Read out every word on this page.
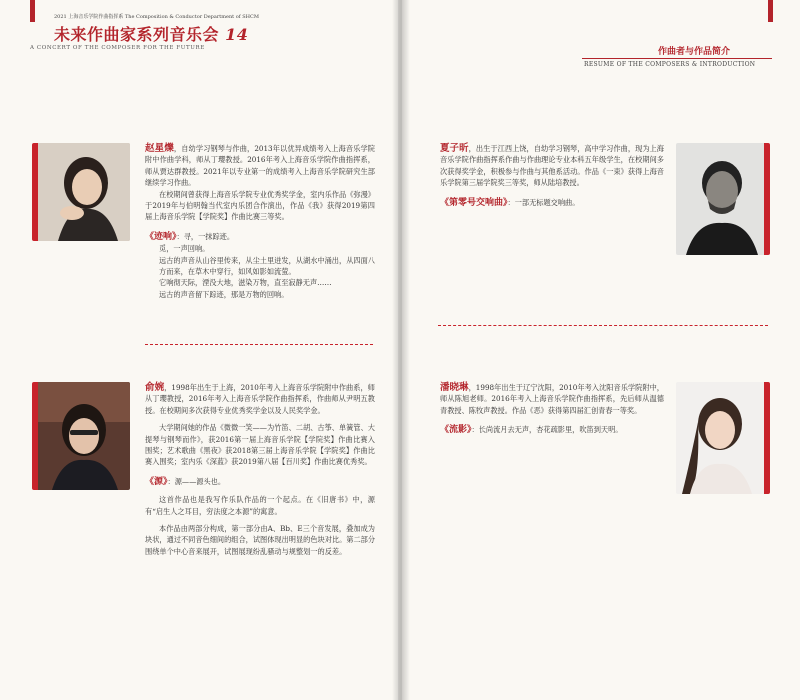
2021 上海音乐学院作曲指挥系 The Composition & Conductor Department of SHCM
未来作曲家系列音乐会 14
A CONCERT OF THE COMPOSER FOR THE FUTURE

赵星爍，自幼学习钢琴与作曲，2013年以优异成绩考入上海音乐学院附中作曲学科，师从丁瓔教授。2016年考入上海音乐学院作曲指挥系，师从贾达群教授。2021年以专业第一的成绩考入上海音乐学院研究生部继续学习作曲。

在校期间曾获得上海音乐学院专业优秀奖学金，室内乐作品《弥漫》于2019年与伯明翰当代室内乐团合作演出，作品《我》获得2019第四届上海音乐学院【学院奖】作曲比赛三等奖。

《迹响》：寻，一抹踪迹。

觅，一声回响。

远古的声音从山谷里传来，从尘土里迸发，从湖水中涌出，从四面八方而来，在草木中穿行，如风如影如流萤。

它响彻天际，湮没大地，滋染万物，直至寂静无声……

远古的声音留下踪迹，那是万物的回响。

俞婉，1998年出生于上海，2010年考入上海音乐学院附中作曲系，师从丁瓔教授，2016年考入上海音乐学院作曲指挥系，作曲师从尹明五教授。在校期间多次获得专业优秀奖学金以及人民奖学金。

大学期间她的作品《微微一笑——为竹笛、二胡、古筝、单簧管、大提琴与钢琴而作》，获2016第一届上海音乐学院【学院奖】作曲比赛入围奖；艺术歌曲《黑夜》获2018第三届上海音乐学院【学院奖】作曲比赛入围奖；室内乐《深蓝》获2019第八届【百川奖】作曲比赛优秀奖。

《源》：源——源头也。

这首作品也是我写作乐队作品的一个起点。在《旧唐书》中，源有“启生人之耳目，穷法度之本源”的寓意。

本作品由两部分构成，第一部分由A、Bb、E三个音发展，叠加成为块状，通过不同音色细间的组合，试图体现出明显的色块对比。第二部分围绕单个中心音来展开，试图展现纷乱骚动与规整划一的反差。

作曲者与作品简介
RESUME OF THE COMPOSERS & INTRODUCTION

夏子昕，出生于江西上饶，自幼学习钢琴，高中学习作曲，现为上海音乐学院作曲指挥系作曲与作曲理论专业本科五年级学生，在校期间多次获得奖学金，积极参与作曲与其他系活动。作品《一束》获得上海音乐学院第三届学院奖三等奖，师从陆培教授。

《第零号交响曲》：一部无标题交响曲。

潘晓琳，1998年出生于辽宁沈阳，2010年考入沈阳音乐学院附中，师从陈旭老师。2016年考入上海音乐学院作曲指挥系，先后师从温德青教授、陈牧声教授。作品《恶》获得第四届汇创青春一等奖。

《流影》：长尚流月去无声，杏花疏影里，吹笛到天明。
